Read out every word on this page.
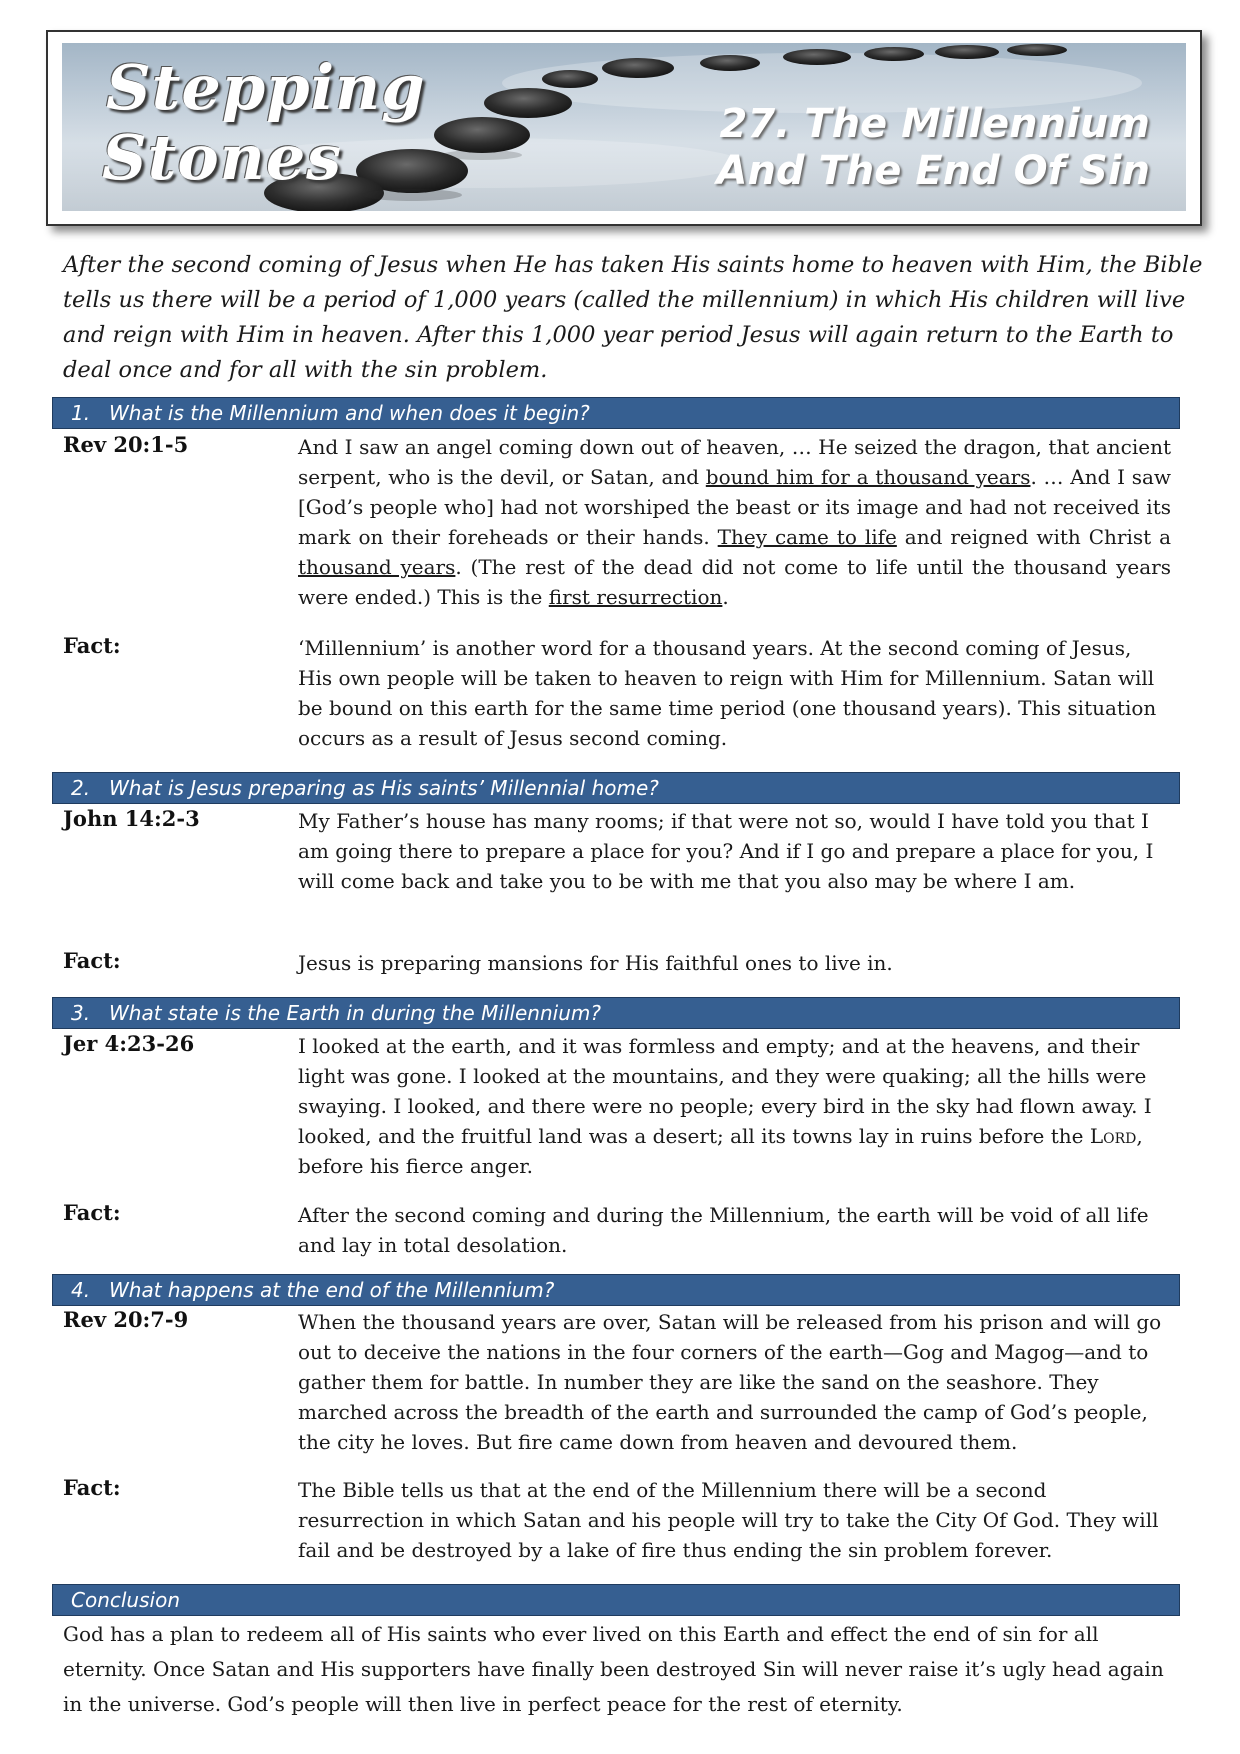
Stepping
Stones	27. The Millennium
And The End Of Sin
After the second coming of Jesus when He has taken His saints home to heaven with Him, the Bible tells us there will be a period of 1,000 years (called the millennium) in which His children will live and reign with Him in heaven. After this 1,000 year period Jesus will again return to the Earth to deal once and for all with the sin problem.
1. What is the Millennium and when does it begin?
Rev 20:1-5	And I saw an angel coming down out of heaven, … He seized the dragon, that ancient serpent, who is the devil, or Satan, and bound him for a thousand years. … And I saw [God’s people who] had not worshiped the beast or its image and had not received its mark on their foreheads or their hands. They came to life and reigned with Christ a thousand years. (The rest of the dead did not come to life until the thousand years were ended.) This is the first resurrection.
Fact:	‘Millennium’ is another word for a thousand years. At the second coming of Jesus, His own people will be taken to heaven to reign with Him for Millennium. Satan will be bound on this earth for the same time period (one thousand years). This situation occurs as a result of Jesus second coming.
2. What is Jesus preparing as His saints’ Millennial home?
John 14:2-3	My Father’s house has many rooms; if that were not so, would I have told you that I am going there to prepare a place for you? And if I go and prepare a place for you, I will come back and take you to be with me that you also may be where I am.
Fact:	Jesus is preparing mansions for His faithful ones to live in.
3. What state is the Earth in during the Millennium?
Jer 4:23-26	I looked at the earth, and it was formless and empty; and at the heavens, and their light was gone. I looked at the mountains, and they were quaking; all the hills were swaying. I looked, and there were no people; every bird in the sky had flown away. I looked, and the fruitful land was a desert; all its towns lay in ruins before the Lord, before his fierce anger.
Fact:	After the second coming and during the Millennium, the earth will be void of all life and lay in total desolation.
4. What happens at the end of the Millennium?
Rev 20:7-9	When the thousand years are over, Satan will be released from his prison and will go out to deceive the nations in the four corners of the earth—Gog and Magog—and to gather them for battle. In number they are like the sand on the seashore. They marched across the breadth of the earth and surrounded the camp of God’s people, the city he loves. But fire came down from heaven and devoured them.
Fact:	The Bible tells us that at the end of the Millennium there will be a second resurrection in which Satan and his people will try to take the City Of God. They will fail and be destroyed by a lake of fire thus ending the sin problem forever.
Conclusion
God has a plan to redeem all of His saints who ever lived on this Earth and effect the end of sin for all eternity. Once Satan and His supporters have finally been destroyed Sin will never raise it’s ugly head again in the universe. God’s people will then live in perfect peace for the rest of eternity.
